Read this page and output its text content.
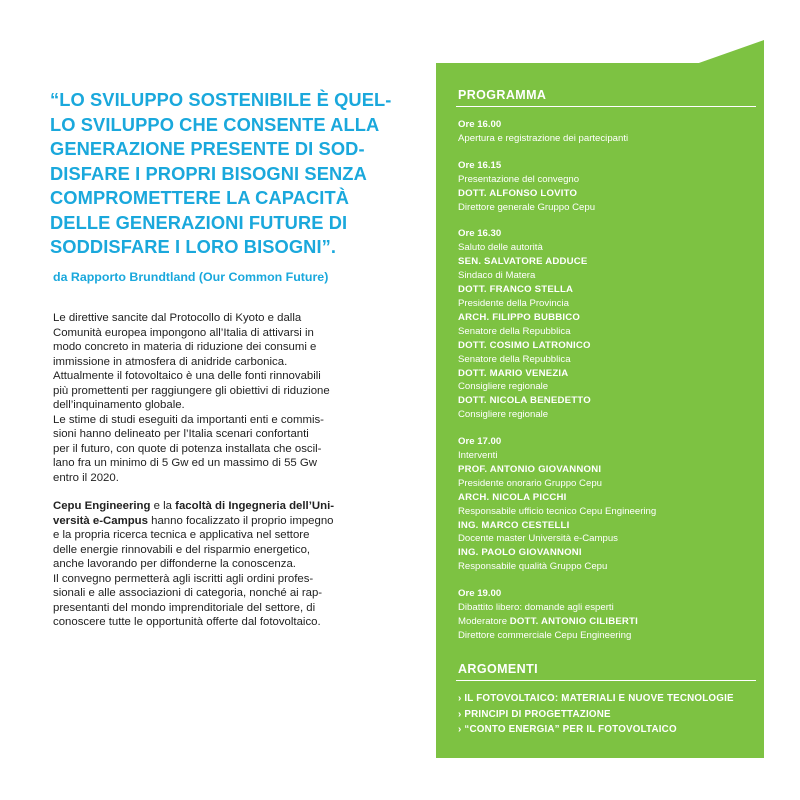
“LO SVILUPPO SOSTENIBILE È QUEL-
LO SVILUPPO CHE CONSENTE ALLA
GENERAZIONE PRESENTE DI SOD-
DISFARE I PROPRI BISOGNI SENZA
COMPROMETTERE LA CAPACITÀ
DELLE GENERAZIONI FUTURE DI
SODDISFARE I LORO BISOGNI”.
da Rapporto Brundtland (Our Common Future)
Le direttive sancite dal Protocollo di Kyoto e dalla
Comunità europea impongono all’Italia di attivarsi in
modo concreto in materia di riduzione dei consumi e
immissione in atmosfera di anidride carbonica.
Attualmente il fotovoltaico è una delle fonti rinnovabili
più promettenti per raggiungere gli obiettivi di riduzione
dell’inquinamento globale.
Le stime di studi eseguiti da importanti enti e commis-
sioni hanno delineato per l’Italia scenari confortanti
per il futuro, con quote di potenza installata che oscil-
lano fra un minimo di 5 Gw ed un massimo di 55 Gw
entro il 2020.
Cepu Engineering e la facoltà di Ingegneria dell’Uni-
versità e-Campus hanno focalizzato il proprio impegno
e la propria ricerca tecnica e applicativa nel settore
delle energie rinnovabili e del risparmio energetico,
anche lavorando per diffonderne la conoscenza.
Il convegno permetterà agli iscritti agli ordini profes-
sionali e alle associazioni di categoria, nonché ai rap-
presentanti del mondo imprenditoriale del settore, di
conoscere tutte le opportunità offerte dal fotovoltaico.
PROGRAMMA
Ore 16.00
Apertura e registrazione dei partecipanti
Ore 16.15
Presentazione del convegno
DOTT. ALFONSO LOVITO
Direttore generale Gruppo Cepu
Ore 16.30
Saluto delle autorità
SEN. SALVATORE ADDUCE
Sindaco di Matera
DOTT. FRANCO STELLA
Presidente della Provincia
ARCH. FILIPPO BUBBICO
Senatore della Repubblica
DOTT. COSIMO LATRONICO
Senatore della Repubblica
DOTT. MARIO VENEZIA
Consigliere regionale
DOTT. NICOLA BENEDETTO
Consigliere regionale
Ore 17.00
Interventi
PROF. ANTONIO GIOVANNONI
Presidente onorario Gruppo Cepu
ARCH. NICOLA PICCHI
Responsabile ufficio tecnico Cepu Engineering
ING. MARCO CESTELLI
Docente master Università e-Campus
ING. PAOLO GIOVANNONI
Responsabile qualità Gruppo Cepu
Ore 19.00
Dibattito libero: domande agli esperti
Moderatore DOTT. ANTONIO CILIBERTI
Direttore commerciale Cepu Engineering
ARGOMENTI
› IL FOTOVOLTAICO: MATERIALI E NUOVE TECNOLOGIE
› PRINCIPI DI PROGETTAZIONE
› “CONTO ENERGIA” PER IL FOTOVOLTAICO
